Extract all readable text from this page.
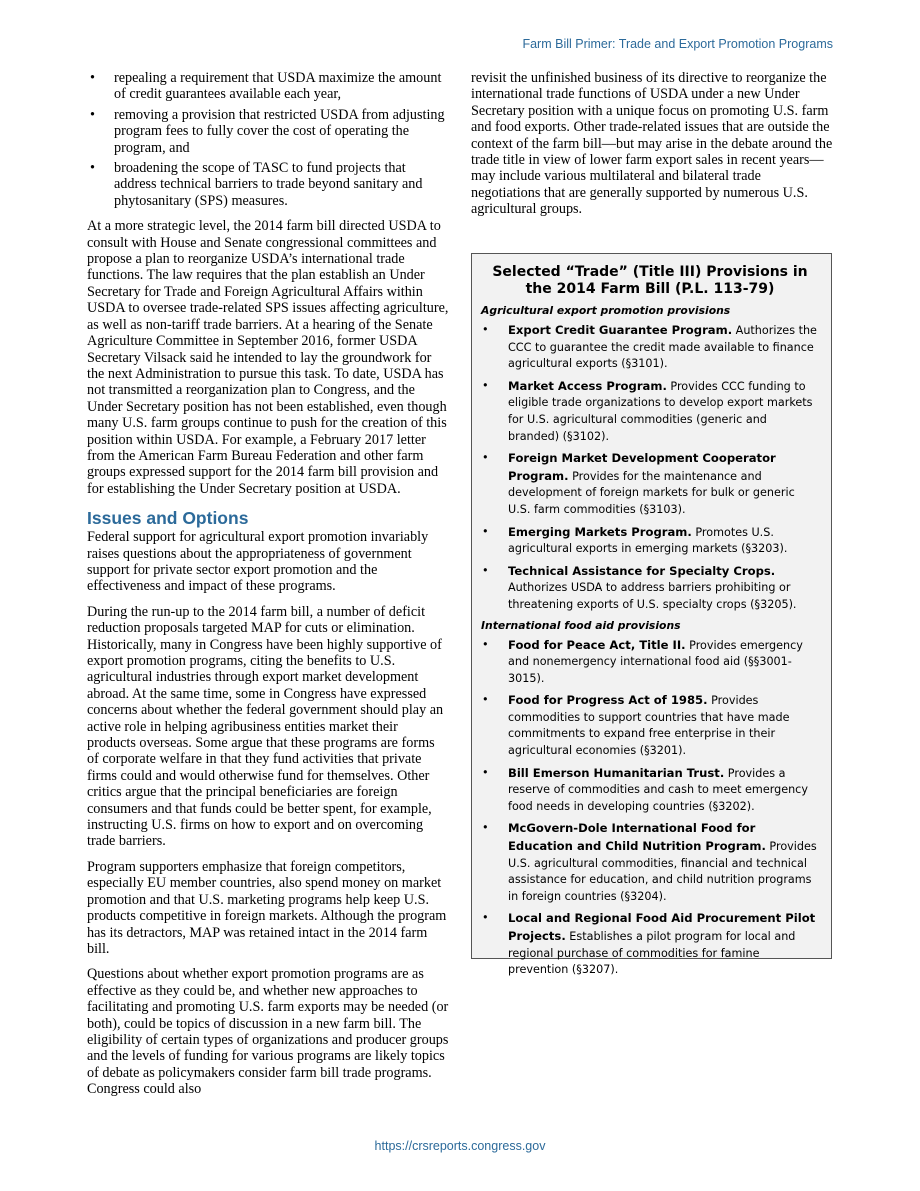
Farm Bill Primer: Trade and Export Promotion Programs
• repealing a requirement that USDA maximize the amount of credit guarantees available each year,
• removing a provision that restricted USDA from adjusting program fees to fully cover the cost of operating the program, and
• broadening the scope of TASC to fund projects that address technical barriers to trade beyond sanitary and phytosanitary (SPS) measures.

At a more strategic level, the 2014 farm bill directed USDA to consult with House and Senate congressional committees and propose a plan to reorganize USDA’s international trade functions. The law requires that the plan establish an Under Secretary for Trade and Foreign Agricultural Affairs within USDA to oversee trade-related SPS issues affecting agriculture, as well as non-tariff trade barriers. At a hearing of the Senate Agriculture Committee in September 2016, former USDA Secretary Vilsack said he intended to lay the groundwork for the next Administration to pursue this task. To date, USDA has not transmitted a reorganization plan to Congress, and the Under Secretary position has not been established, even though many U.S. farm groups continue to push for the creation of this position within USDA. For example, a February 2017 letter from the American Farm Bureau Federation and other farm groups expressed support for the 2014 farm bill provision and for establishing the Under Secretary position at USDA.

Issues and Options

Federal support for agricultural export promotion invariably raises questions about the appropriateness of government support for private sector export promotion and the effectiveness and impact of these programs.

During the run-up to the 2014 farm bill, a number of deficit reduction proposals targeted MAP for cuts or elimination. Historically, many in Congress have been highly supportive of export promotion programs, citing the benefits to U.S. agricultural industries through export market development abroad. At the same time, some in Congress have expressed concerns about whether the federal government should play an active role in helping agribusiness entities market their products overseas. Some argue that these programs are forms of corporate welfare in that they fund activities that private firms could and would otherwise fund for themselves. Other critics argue that the principal beneficiaries are foreign consumers and that funds could be better spent, for example, instructing U.S. firms on how to export and on overcoming trade barriers.

Program supporters emphasize that foreign competitors, especially EU member countries, also spend money on market promotion and that U.S. marketing programs help keep U.S. products competitive in foreign markets. Although the program has its detractors, MAP was retained intact in the 2014 farm bill.

Questions about whether export promotion programs are as effective as they could be, and whether new approaches to facilitating and promoting U.S. farm exports may be needed (or both), could be topics of discussion in a new farm bill. The eligibility of certain types of organizations and producer groups and the levels of funding for various programs are likely topics of debate as policymakers consider farm bill trade programs. Congress could also

revisit the unfinished business of its directive to reorganize the international trade functions of USDA under a new Under Secretary position with a unique focus on promoting U.S. farm and food exports. Other trade-related issues that are outside the context of the farm bill—but may arise in the debate around the trade title in view of lower farm export sales in recent years—may include various multilateral and bilateral trade negotiations that are generally supported by numerous U.S. agricultural groups.

Selected “Trade” (Title III) Provisions in the 2014 Farm Bill (P.L. 113-79)
Agricultural export promotion provisions
• Export Credit Guarantee Program. Authorizes the CCC to guarantee the credit made available to finance agricultural exports (§3101).
• Market Access Program. Provides CCC funding to eligible trade organizations to develop export markets for U.S. agricultural commodities (generic and branded) (§3102).
• Foreign Market Development Cooperator Program. Provides for the maintenance and development of foreign markets for bulk or generic U.S. farm commodities (§3103).
• Emerging Markets Program. Promotes U.S. agricultural exports in emerging markets (§3203).
• Technical Assistance for Specialty Crops. Authorizes USDA to address barriers prohibiting or threatening exports of U.S. specialty crops (§3205).
International food aid provisions
• Food for Peace Act, Title II. Provides emergency and nonemergency international food aid (§§3001-3015).
• Food for Progress Act of 1985. Provides commodities to support countries that have made commitments to expand free enterprise in their agricultural economies (§3201).
• Bill Emerson Humanitarian Trust. Provides a reserve of commodities and cash to meet emergency food needs in developing countries (§3202).
• McGovern-Dole International Food for Education and Child Nutrition Program. Provides U.S. agricultural commodities, financial and technical assistance for education, and child nutrition programs in foreign countries (§3204).
• Local and Regional Food Aid Procurement Pilot Projects. Establishes a pilot program for local and regional purchase of commodities for famine prevention (§3207).
https://crsreports.congress.gov
